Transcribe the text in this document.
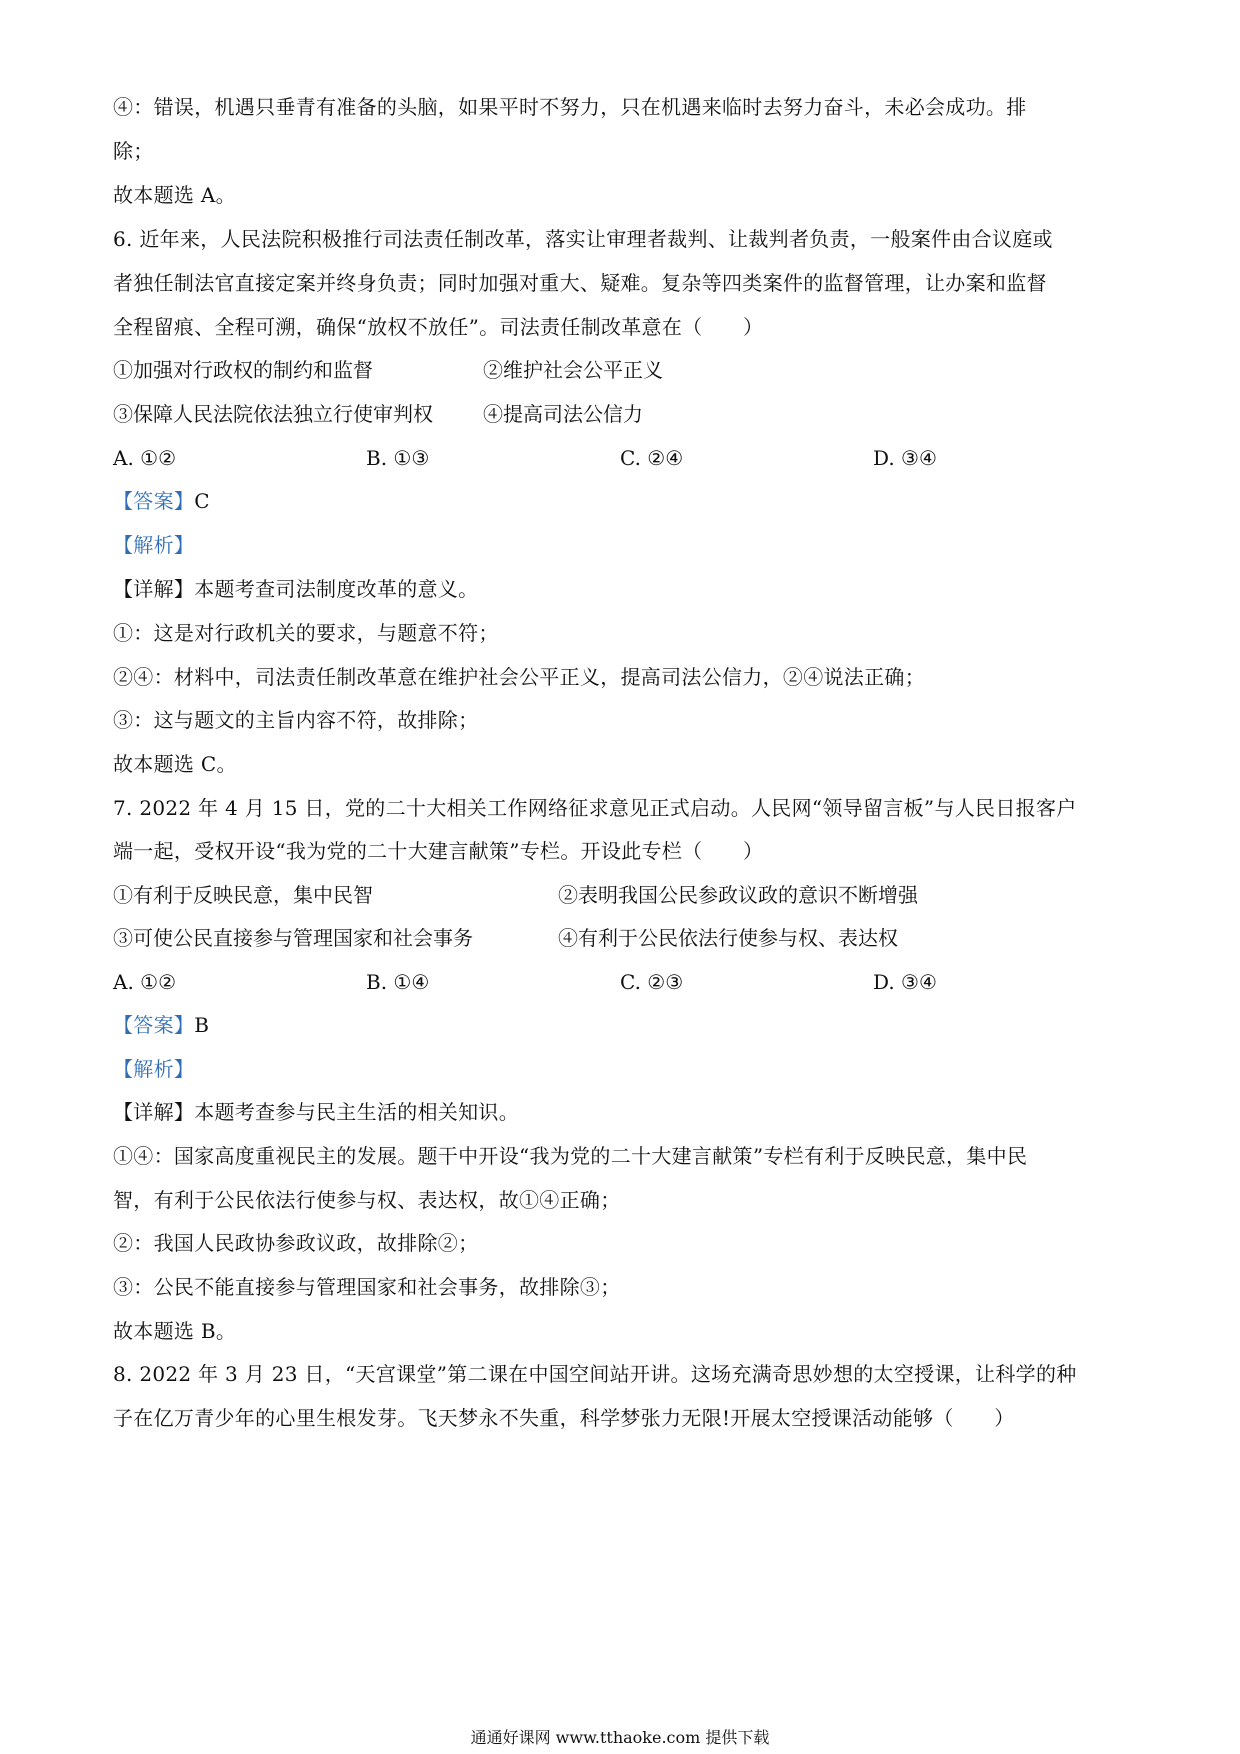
④：错误，机遇只垂青有准备的头脑，如果平时不努力，只在机遇来临时去努力奋斗，未必会成功。排
除；
故本题选 A。
6. 近年来，人民法院积极推行司法责任制改革，落实让审理者裁判、让裁判者负责，一般案件由合议庭或
者独任制法官直接定案并终身负责；同时加强对重大、疑难。复杂等四类案件的监督管理，让办案和监督
全程留痕、全程可溯，确保“放权不放任”。司法责任制改革意在（　　）
①加强对行政权的制约和监督	②维护社会公平正义
③保障人民法院依法独立行使审判权	④提高司法公信力
A. ①②	B. ①③	C. ②④	D. ③④
【答案】C
【解析】
【详解】本题考查司法制度改革的意义。
①：这是对行政机关的要求，与题意不符；
②④：材料中，司法责任制改革意在维护社会公平正义，提高司法公信力，②④说法正确；
③：这与题文的主旨内容不符，故排除；
故本题选 C。
7. 2022 年 4 月 15 日，党的二十大相关工作网络征求意见正式启动。人民网“领导留言板”与人民日报客户
端一起，受权开设“我为党的二十大建言献策”专栏。开设此专栏（　　）
①有利于反映民意，集中民智	②表明我国公民参政议政的意识不断增强
③可使公民直接参与管理国家和社会事务	④有利于公民依法行使参与权、表达权
A. ①②	B. ①④	C. ②③	D. ③④
【答案】B
【解析】
【详解】本题考查参与民主生活的相关知识。
①④：国家高度重视民主的发展。题干中开设“我为党的二十大建言献策”专栏有利于反映民意，集中民
智，有利于公民依法行使参与权、表达权，故①④正确；
②：我国人民政协参政议政，故排除②；
③：公民不能直接参与管理国家和社会事务，故排除③；
故本题选 B。
8. 2022 年 3 月 23 日，“天宫课堂”第二课在中国空间站开讲。这场充满奇思妙想的太空授课，让科学的种
子在亿万青少年的心里生根发芽。飞天梦永不失重，科学梦张力无限!开展太空授课活动能够（　　）
通通好课网 www.tthaoke.com 提供下载
